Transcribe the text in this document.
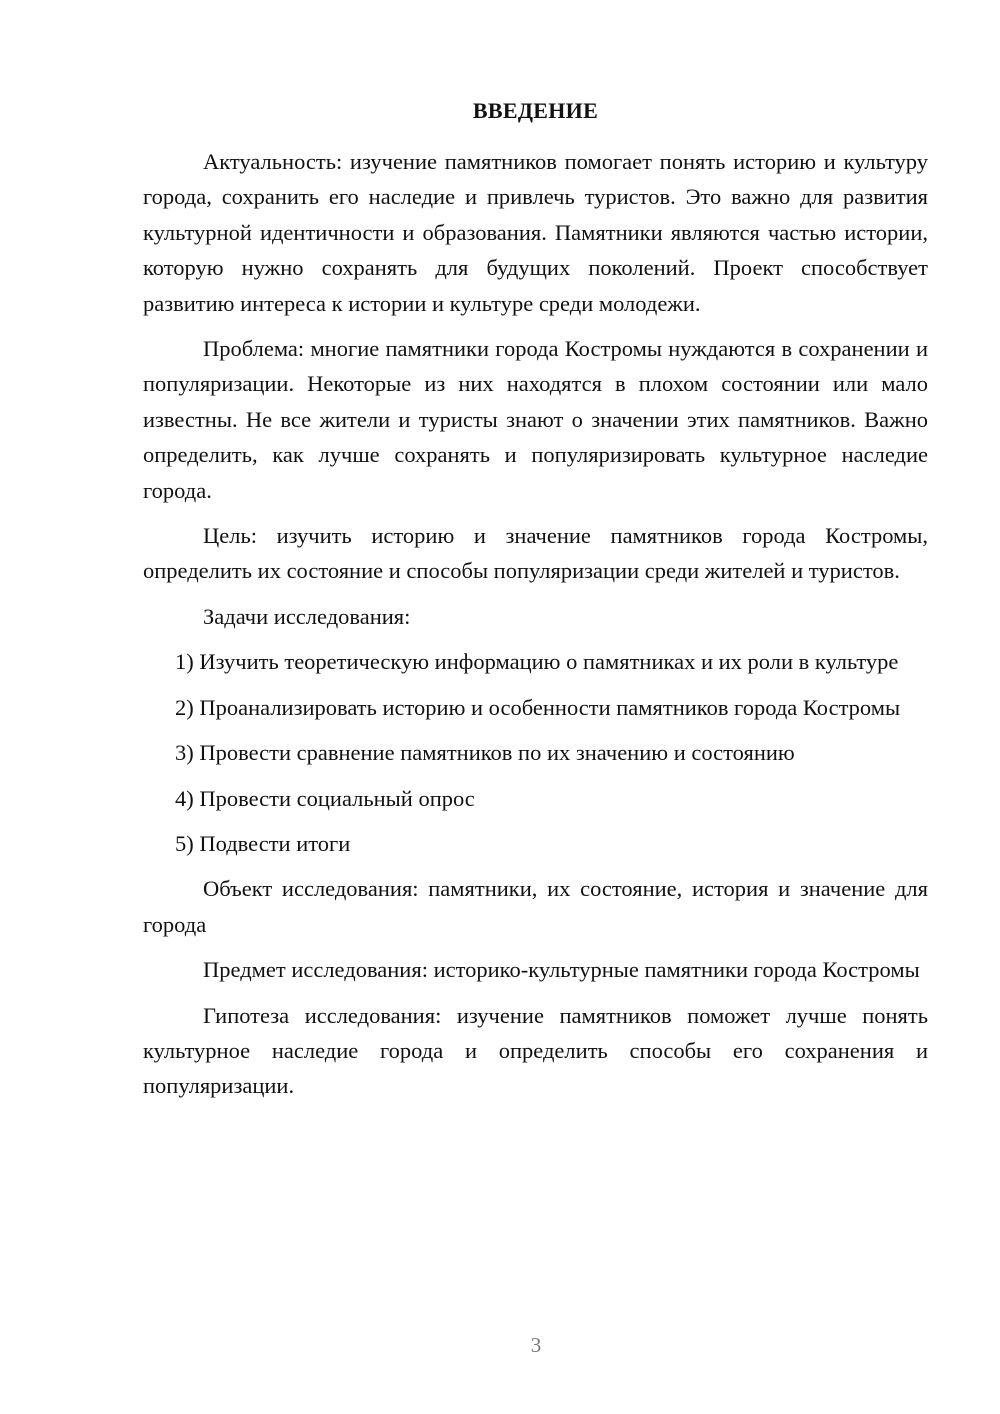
ВВЕДЕНИЕ

Актуальность: изучение памятников помогает понять историю и культуру города, сохранить его наследие и привлечь туристов. Это важно для развития культурной идентичности и образования. Памятники являются частью истории, которую нужно сохранять для будущих поколений. Проект способствует развитию интереса к истории и культуре среди молодежи.

Проблема: многие памятники города Костромы нуждаются в сохранении и популяризации. Некоторые из них находятся в плохом состоянии или мало известны. Не все жители и туристы знают о значении этих памятников. Важно определить, как лучше сохранять и популяризировать культурное наследие города.

Цель: изучить историю и значение памятников города Костромы, определить их состояние и способы популяризации среди жителей и туристов.

Задачи исследования:

1) Изучить теоретическую информацию о памятниках и их роли в культуре

2) Проанализировать историю и особенности памятников города Костромы

3) Провести сравнение памятников по их значению и состоянию

4) Провести социальный опрос

5) Подвести итоги

Объект исследования: памятники, их состояние, история и значение для города

Предмет исследования: историко-культурные памятники города Костромы

Гипотеза исследования: изучение памятников поможет лучше понять культурное наследие города и определить способы его сохранения и популяризации.

3
